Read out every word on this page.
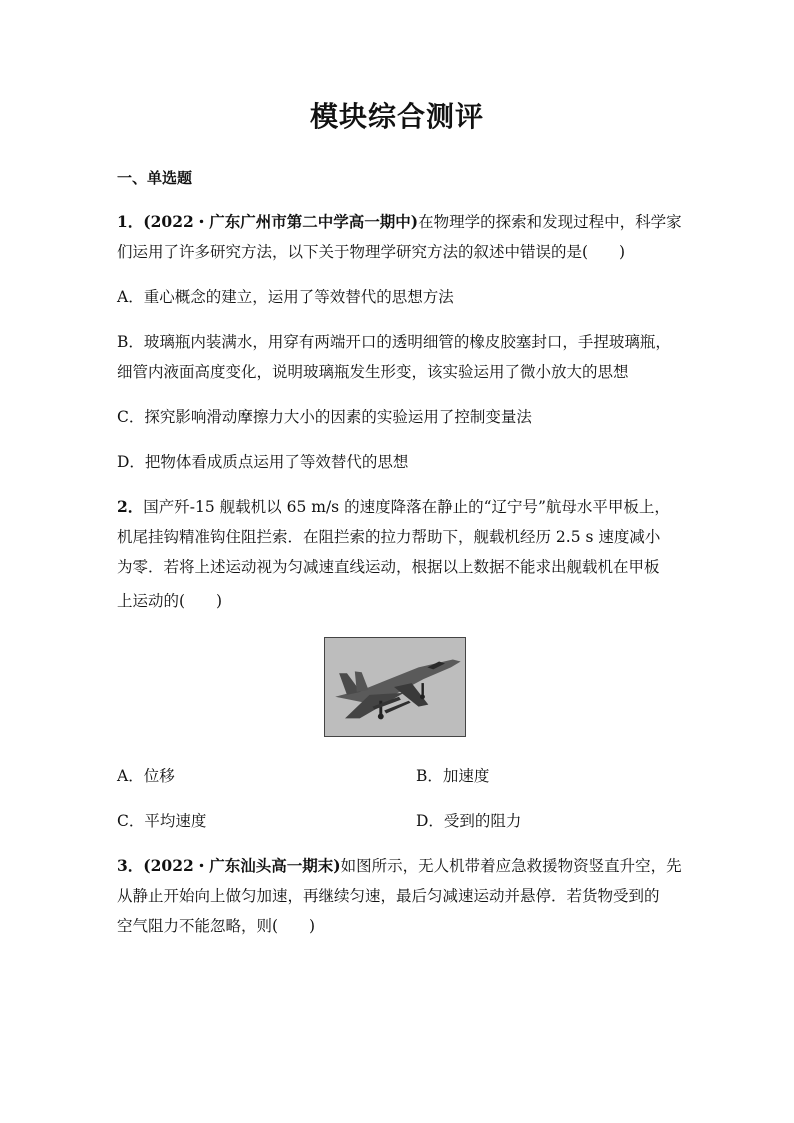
模块综合测评
一、单选题
1．(2022・广东广州市第二中学高一期中)在物理学的探索和发现过程中，科学家
们运用了许多研究方法，以下关于物理学研究方法的叙述中错误的是(　　)
A．重心概念的建立，运用了等效替代的思想方法
B．玻璃瓶内装满水，用穿有两端开口的透明细管的橡皮胶塞封口，手捏玻璃瓶，
细管内液面高度变化，说明玻璃瓶发生形变，该实验运用了微小放大的思想
C．探究影响滑动摩擦力大小的因素的实验运用了控制变量法
D．把物体看成质点运用了等效替代的思想
2．国产歼-15 舰载机以 65 m/s 的速度降落在静止的“辽宁号”航母水平甲板上，
机尾挂钩精准钩住阻拦索．在阻拦索的拉力帮助下，舰载机经历 2.5 s 速度减小
为零．若将上述运动视为匀减速直线运动，根据以上数据不能求出舰载机在甲板
上运动的(　　)
A．位移	B．加速度
C．平均速度	D．受到的阻力
3．(2022・广东汕头高一期末)如图所示，无人机带着应急救援物资竖直升空，先
从静止开始向上做匀加速，再继续匀速，最后匀减速运动并悬停．若货物受到的
空气阻力不能忽略，则(　　)
